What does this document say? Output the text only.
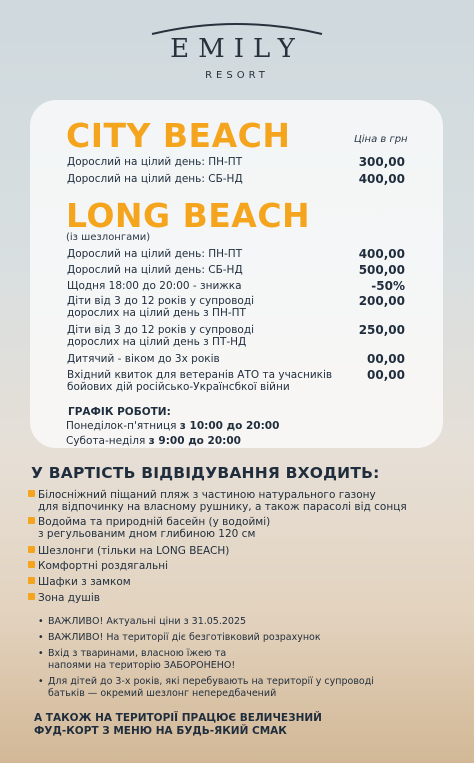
EMILY
RESORT
CITY BEACH	Ціна в грн
Дорослий на цілий день: ПН-ПТ	300,00
Дорослий на цілий день: СБ-НД	400,00
LONG BEACH
(із шезлонгами)
Дорослий на цілий день: ПН-ПТ	400,00
Дорослий на цілий день: СБ-НД	500,00
Щодня 18:00 до 20:00 - знижка	-50%
Діти від 3 до 12 років у супроводі
дорослих на цілий день з ПН-ПТ
200,00
Діти від 3 до 12 років у супроводі
дорослих на цілий день з ПТ-НД
250,00
Дитячий - віком до 3х років	00,00
Вхідний квиток для ветеранів АТО та учасників
бойових дій російсько-Українсбкої війни
00,00
ГРАФІК РОБОТИ:
Понеділок-п'ятниця з 10:00 до 20:00
Субота-неділя з 9:00 до 20:00
У ВАРТІСТЬ ВІДВІДУВАННЯ ВХОДИТЬ:
Білосніжний піщаний пляж з частиною натурального газону
для відпочинку на власному рушнику, а також парасолі від сонця
Водойма та природній басейн (у водоймі)
з регульованим дном глибиною 120 см
Шезлонги (тільки на LONG BEACH)
Комфортні роздягальні
Шафки з замком
Зона душів
• ВАЖЛИВО! Актуальні ціни з 31.05.2025
• ВАЖЛИВО! На території діє безготівковий розрахунок
• Вхід з тваринами, власною їжею та
напоями на територію ЗАБОРОНЕНО!
• Для дітей до 3-х років, які перебувають на території у супроводі
батьків — окремий шезлонг непередбачений
А ТАКОЖ НА ТЕРИТОРІЇ ПРАЦЮЄ ВЕЛИЧЕЗНИЙ
ФУД-КОРТ З МЕНЮ НА БУДЬ-ЯКИЙ СМАК
